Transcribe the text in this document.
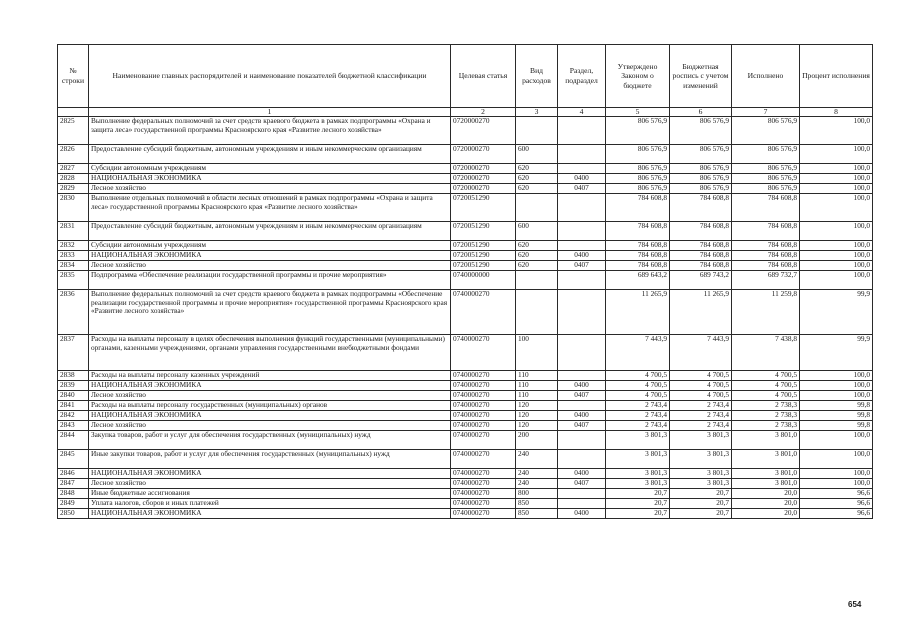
№ строки	Наименование главных распорядителей и наименование показателей бюджетной классификации	Целевая статья	Вид расходов	Раздел, подраздел	Утверждено Законом о бюджете	Бюджетная роспись с учетом изменений	Исполнено	Процент исполнения
	1	2	3	4	5	6	7	8
2825	Выполнение федеральных полномочий за счет средств краевого бюджета в рамках подпрограммы «Охрана и защита леса» государственной программы Красноярского края «Развитие лесного хозяйства»	0720000270			806 576,9	806 576,9	806 576,9	100,0
2826	Предоставление субсидий бюджетным, автономным учреждениям и иным некоммерческим организациям	0720000270	600		806 576,9	806 576,9	806 576,9	100,0
2827	Субсидии автономным учреждениям	0720000270	620		806 576,9	806 576,9	806 576,9	100,0
2828	НАЦИОНАЛЬНАЯ ЭКОНОМИКА	0720000270	620	0400	806 576,9	806 576,9	806 576,9	100,0
2829	Лесное хозяйство	0720000270	620	0407	806 576,9	806 576,9	806 576,9	100,0
2830	Выполнение отдельных полномочий в области лесных отношений в рамках подпрограммы «Охрана и защита леса» государственной программы Красноярского края «Развитие лесного хозяйства»	0720051290			784 608,8	784 608,8	784 608,8	100,0
2831	Предоставление субсидий бюджетным, автономным учреждениям и иным некоммерческим организациям	0720051290	600		784 608,8	784 608,8	784 608,8	100,0
2832	Субсидии автономным учреждениям	0720051290	620		784 608,8	784 608,8	784 608,8	100,0
2833	НАЦИОНАЛЬНАЯ ЭКОНОМИКА	0720051290	620	0400	784 608,8	784 608,8	784 608,8	100,0
2834	Лесное хозяйство	0720051290	620	0407	784 608,8	784 608,8	784 608,8	100,0
2835	Подпрограмма «Обеспечение реализации государственной программы и прочие мероприятия»	0740000000			689 643,2	689 743,2	689 732,7	100,0
2836	Выполнение федеральных полномочий за счет средств краевого бюджета в рамках подпрограммы «Обеспечение реализации государственной программы и прочие мероприятия» государственной программы Красноярского края «Развитие лесного хозяйства»	0740000270			11 265,9	11 265,9	11 259,8	99,9
2837	Расходы на выплаты персоналу в целях обеспечения выполнения функций государственными (муниципальными) органами, казенными учреждениями, органами управления государственными внебюджетными фондами	0740000270	100		7 443,9	7 443,9	7 438,8	99,9
2838	Расходы на выплаты персоналу казенных учреждений	0740000270	110		4 700,5	4 700,5	4 700,5	100,0
2839	НАЦИОНАЛЬНАЯ ЭКОНОМИКА	0740000270	110	0400	4 700,5	4 700,5	4 700,5	100,0
2840	Лесное хозяйство	0740000270	110	0407	4 700,5	4 700,5	4 700,5	100,0
2841	Расходы на выплаты персоналу государственных (муниципальных) органов	0740000270	120		2 743,4	2 743,4	2 738,3	99,8
2842	НАЦИОНАЛЬНАЯ ЭКОНОМИКА	0740000270	120	0400	2 743,4	2 743,4	2 738,3	99,8
2843	Лесное хозяйство	0740000270	120	0407	2 743,4	2 743,4	2 738,3	99,8
2844	Закупка товаров, работ и услуг для обеспечения государственных (муниципальных) нужд	0740000270	200		3 801,3	3 801,3	3 801,0	100,0
2845	Иные закупки товаров, работ и услуг для обеспечения государственных (муниципальных) нужд	0740000270	240		3 801,3	3 801,3	3 801,0	100,0
2846	НАЦИОНАЛЬНАЯ ЭКОНОМИКА	0740000270	240	0400	3 801,3	3 801,3	3 801,0	100,0
2847	Лесное хозяйство	0740000270	240	0407	3 801,3	3 801,3	3 801,0	100,0
2848	Иные бюджетные ассигнования	0740000270	800		20,7	20,7	20,0	96,6
2849	Уплата налогов, сборов и иных платежей	0740000270	850		20,7	20,7	20,0	96,6
2850	НАЦИОНАЛЬНАЯ ЭКОНОМИКА	0740000270	850	0400	20,7	20,7	20,0	96,6
654
